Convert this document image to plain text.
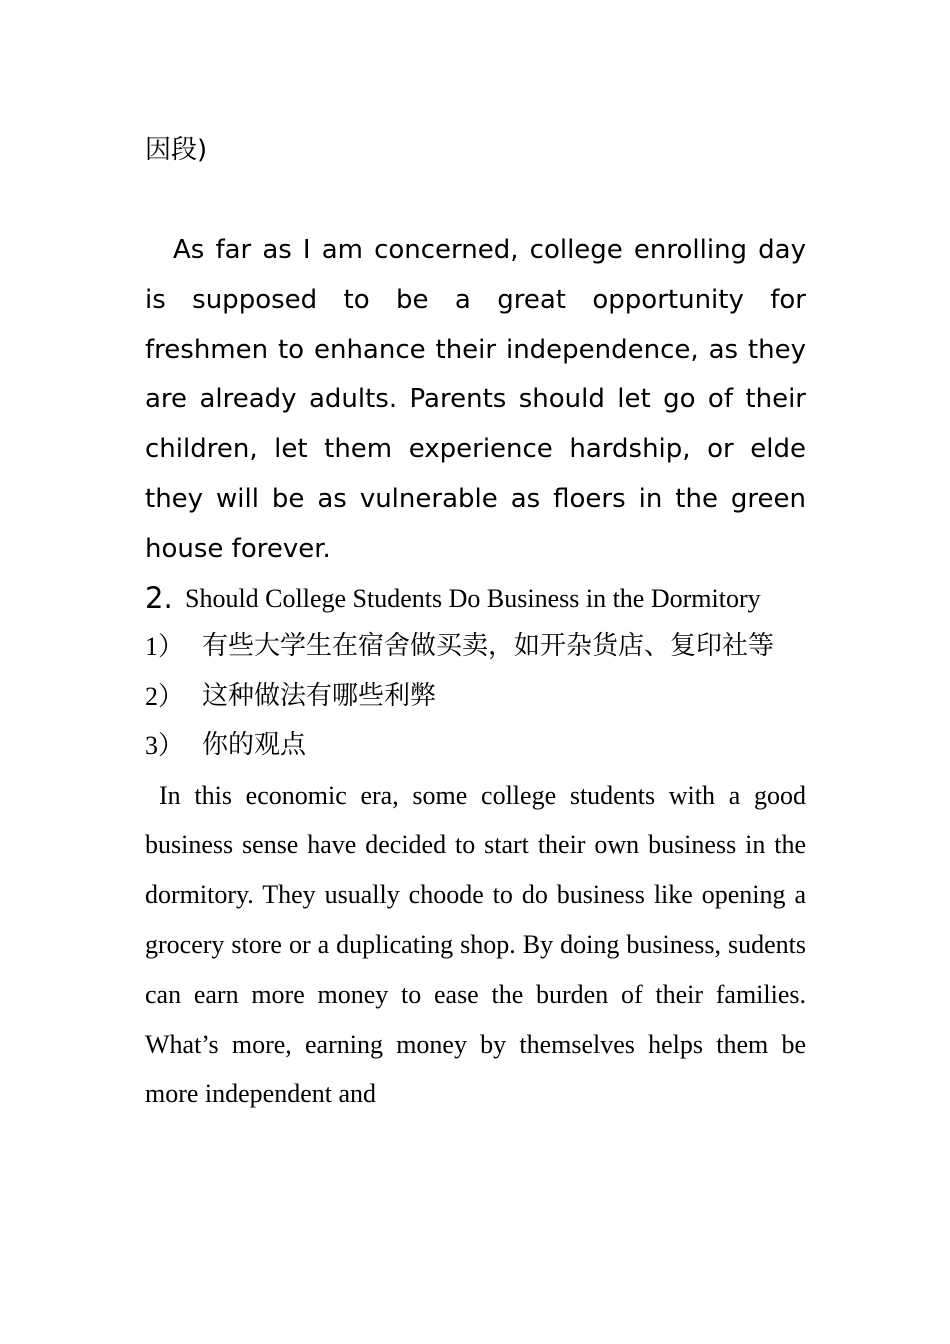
因段)

As far as I am concerned, college enrolling day is supposed to be a great opportunity for freshmen to enhance their independence, as they are already adults. Parents should let go of their children, let them experience hardship, or elde they will be as vulnerable as floers in the green house forever.

2. Should College Students Do Business in the Dormitory
1） 有些大学生在宿舍做买卖，如开杂货店、复印社等
2） 这种做法有哪些利弊
3） 你的观点

In this economic era, some college students with a good business sense have decided to start their own business in the dormitory. They usually choode to do business like opening a grocery store or a duplicating shop. By doing business, sudents can earn more money to ease the burden of their families. What’s more, earning money by themselves helps them be more independent and
